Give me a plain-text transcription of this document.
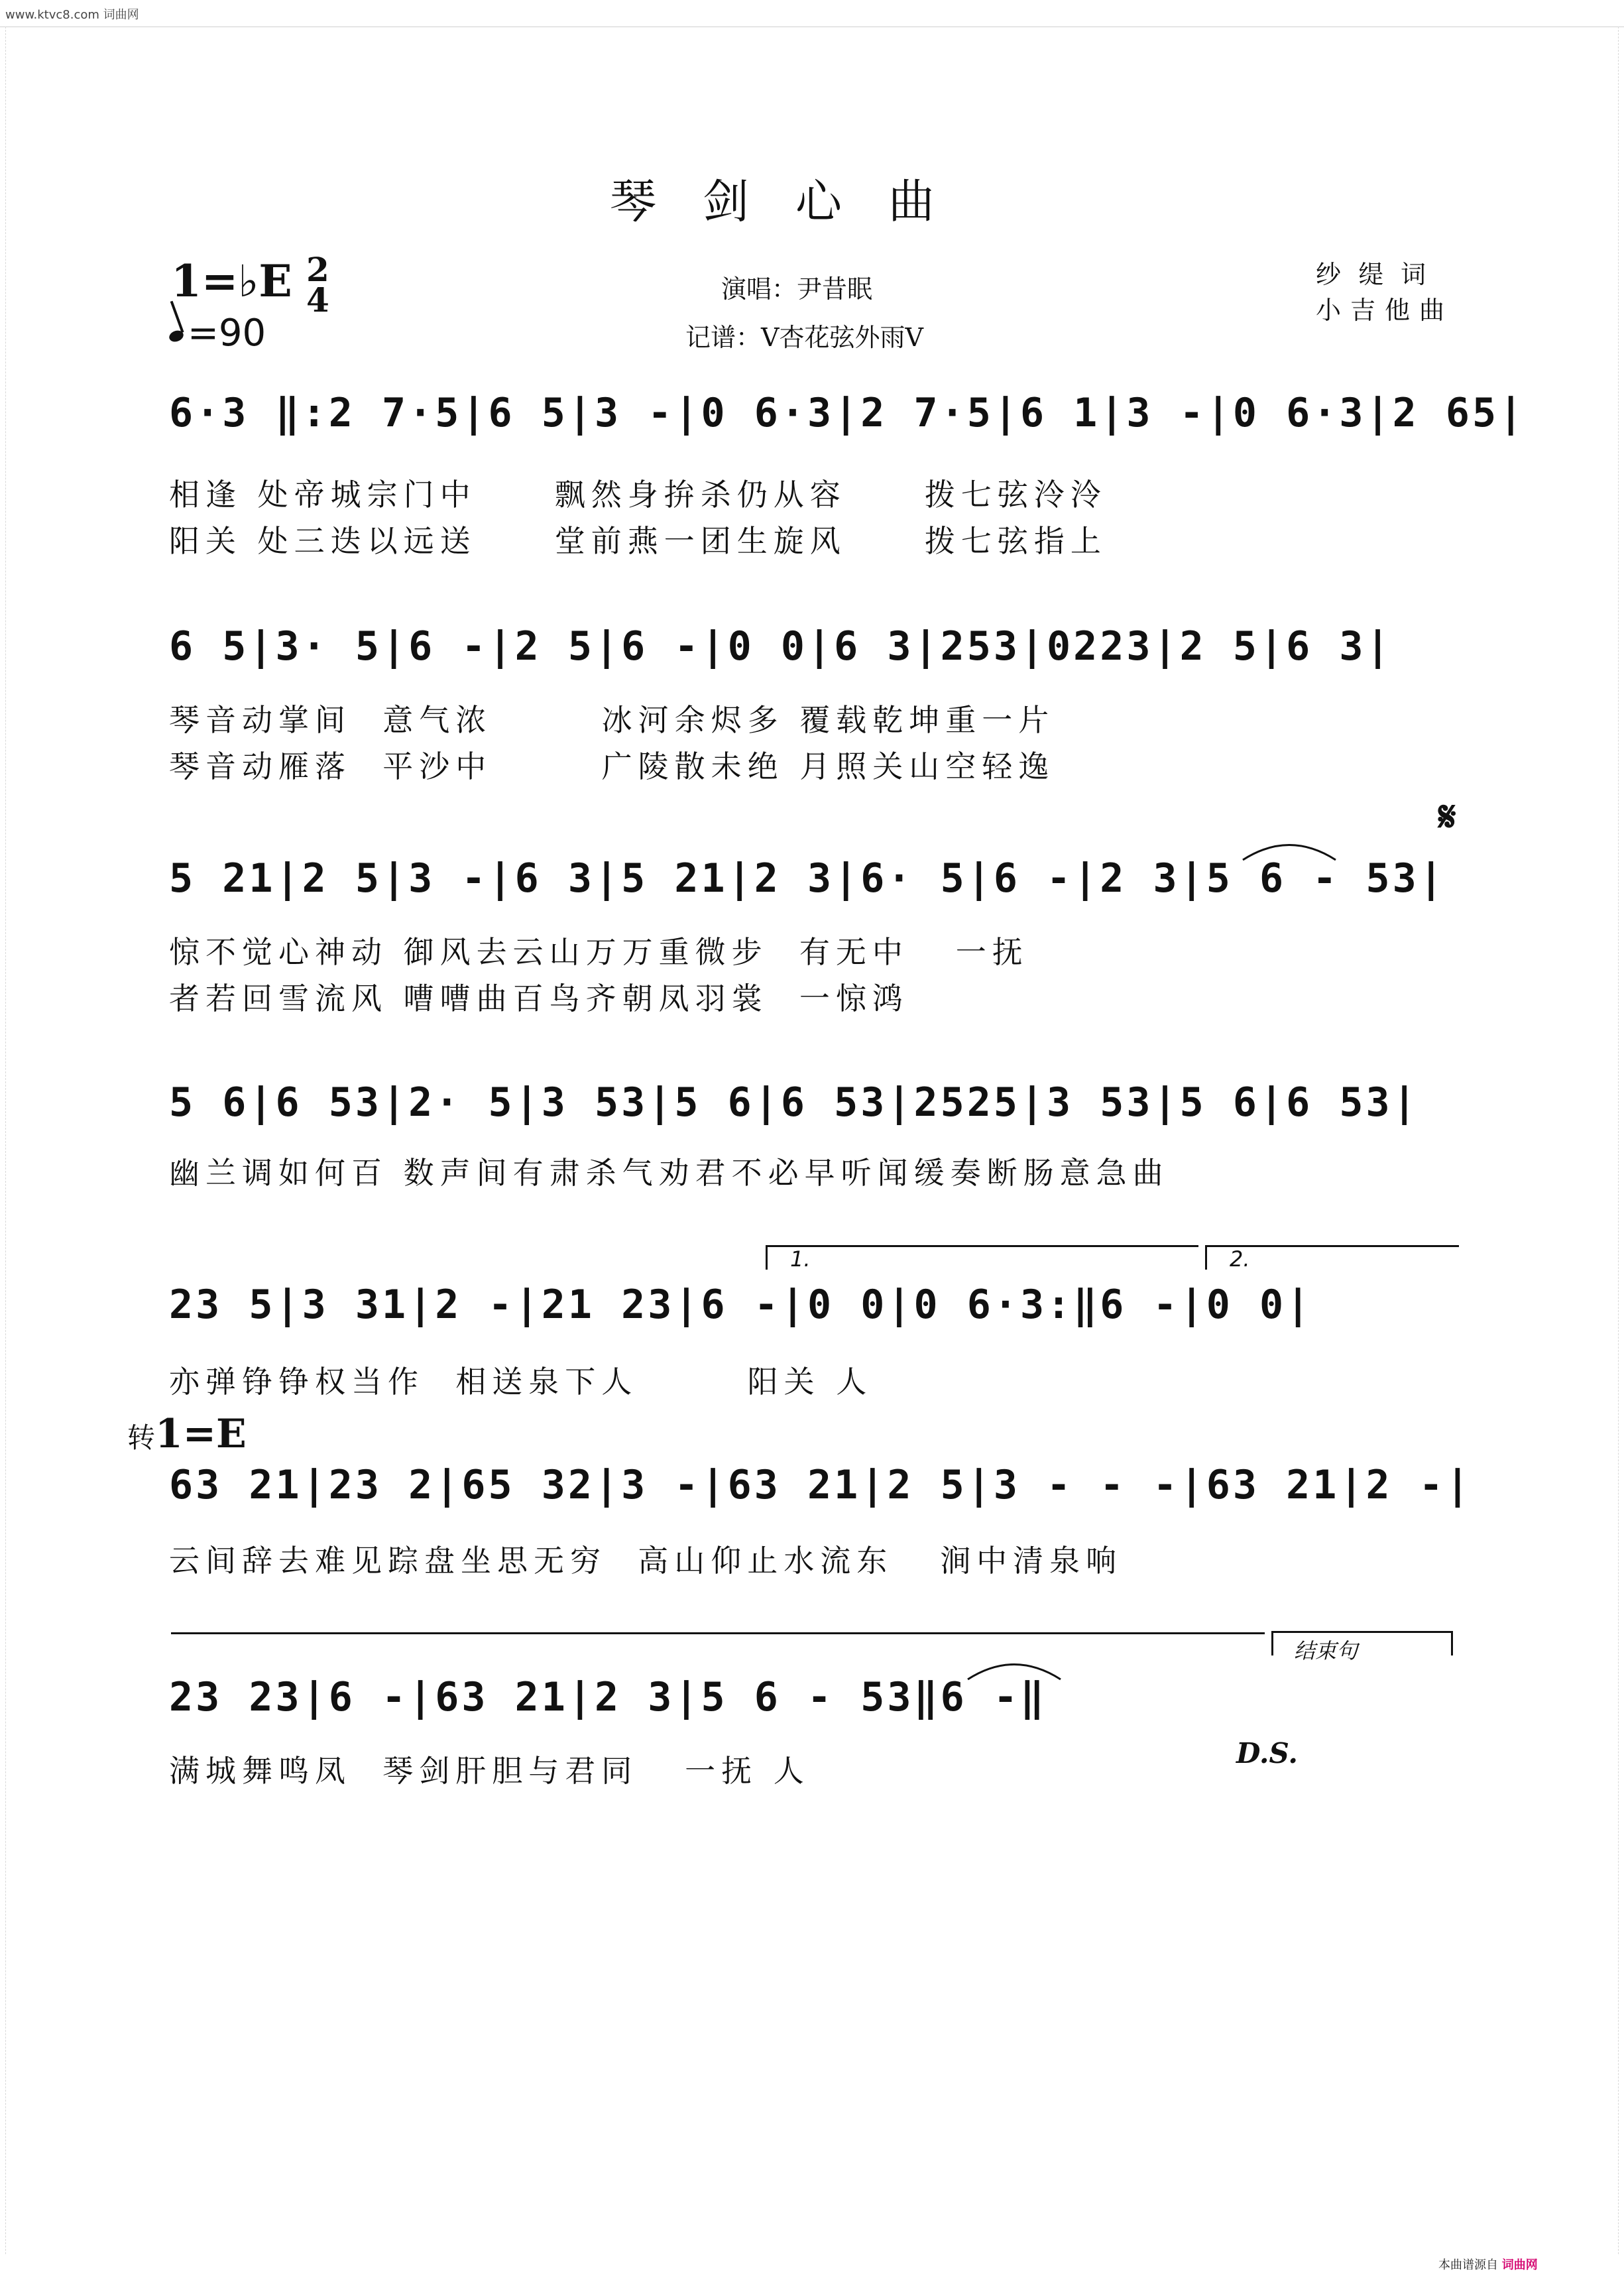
www.ktvc8.com 词曲网
琴剑心曲
1=♭E 2
4
=90
演唱：尹昔眠
记谱：V杏花弦外雨V
纱缇词
小吉他曲
6·3 ‖:2 7·5|6 5|3 -|0 6·3|2 7·5|6 1|3 -|0 6·3|2 65|
相逢 处帝城宗门中     飘然身拚杀仍从容     拨七弦泠泠
阳关 处三迭以远送     堂前燕一团生旋风     拨七弦指上
6 5|3· 5|6 -|2 5|6 -|0 0|6 3|253|0223|2 5|6 3|
琴音动掌间  意气浓       冰河余烬多 覆载乾坤重一片
琴音动雁落  平沙中       广陵散未绝 月照关山空轻逸
𝄋
5 21|2 5|3 -|6 3|5 21|2 3|6· 5|6 -|2 3|5 6 - 53|
惊不觉心神动 御风去云山万万重微步  有无中   一抚
者若回雪流风 嘈嘈曲百鸟齐朝凤羽裳  一惊鸿
5 6|6 53|2· 5|3 53|5 6|6 53|2525|3 53|5 6|6 53|
幽兰调如何百 数声间有肃杀气劝君不必早听闻缓奏断肠意急曲
1.	2.
23 5|3 31|2 -|21 23|6 -|0 0|0 6·3:‖6 -|0 0|
亦弹铮铮权当作  相送泉下人       阳关 人
转1=E
63 21|23 2|65 32|3 -|63 21|2 5|3 - - -|63 21|2 -|
云间辞去难见踪盘坐思无穷  高山仰止水流东   涧中清泉响
结束句
23 23|6 -|63 21|2 3|5 6 - 53‖6 -‖
满城舞鸣凤  琴剑肝胆与君同   一抚 人	D.S.
本曲谱源自 词曲网
